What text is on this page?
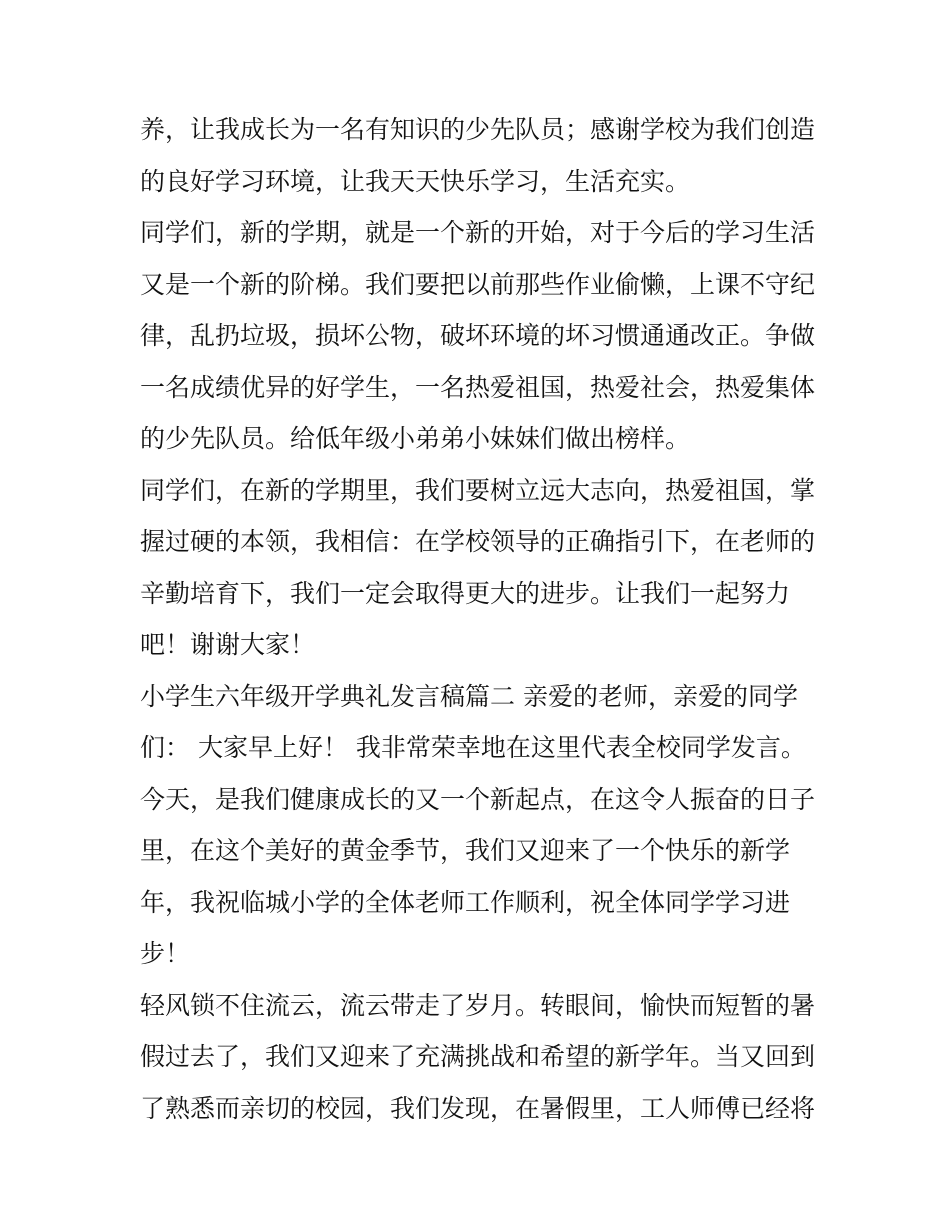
养，让我成长为一名有知识的少先队员；感谢学校为我们创造
的良好学习环境，让我天天快乐学习，生活充实。
同学们，新的学期，就是一个新的开始，对于今后的学习生活
又是一个新的阶梯。我们要把以前那些作业偷懒，上课不守纪
律，乱扔垃圾，损坏公物，破坏环境的坏习惯通通改正。争做
一名成绩优异的好学生，一名热爱祖国，热爱社会，热爱集体
的少先队员。给低年级小弟弟小妹妹们做出榜样。
同学们，在新的学期里，我们要树立远大志向，热爱祖国，掌
握过硬的本领，我相信：在学校领导的正确指引下，在老师的
辛勤培育下，我们一定会取得更大的进步。让我们一起努力
吧！谢谢大家！
小学生六年级开学典礼发言稿篇二 亲爱的老师，亲爱的同学
们： 大家早上好！ 我非常荣幸地在这里代表全校同学发言。
今天，是我们健康成长的又一个新起点，在这令人振奋的日子
里，在这个美好的黄金季节，我们又迎来了一个快乐的新学
年，我祝临城小学的全体老师工作顺利，祝全体同学学习进
步！
轻风锁不住流云，流云带走了岁月。转眼间，愉快而短暂的暑
假过去了，我们又迎来了充满挑战和希望的新学年。当又回到
了熟悉而亲切的校园，我们发现，在暑假里，工人师傅已经将
